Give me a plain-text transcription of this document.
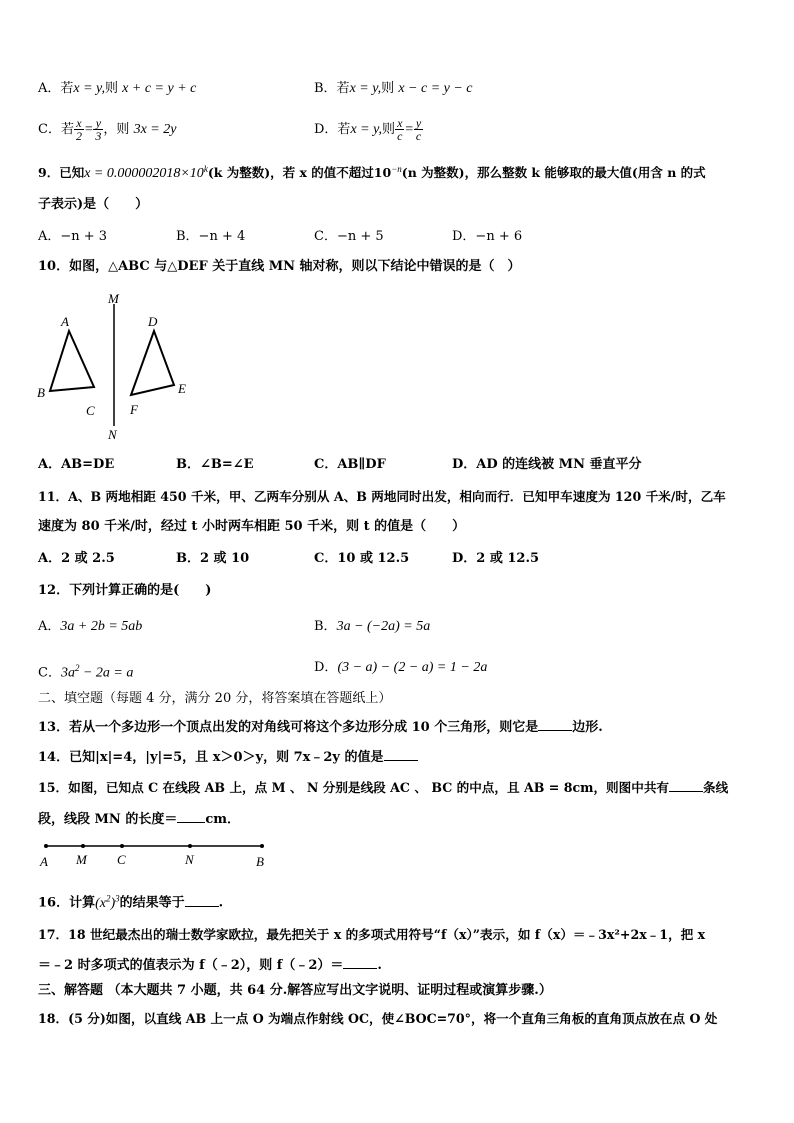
A．若x = y,则 x + c = y + c	B．若x = y,则 x − c = y − c
C．若 $\frac{x}{2} = \frac{y}{3}$ ，则 3x = 2y	D．若x = y,则 $\frac{x}{c} = \frac{y}{c}$
9．已知$x = 0.000002018\times 10^k(k$ 为整数)，若 x 的值不超过$10^{-n}(n$ 为整数)，那么整数 k 能够取的最大值(用含 n 的式
子表示)是（　　）
A．−n + 3	B．−n + 4	C．−n + 5	D．−n + 6
10．如图，△ABC 与△DEF 关于直线 MN 轴对称，则以下结论中错误的是（　）
M
N
A
B
C
D
E
F
A．AB=DE	B．∠B=∠E	C．AB∥DF	D．AD 的连线被 MN 垂直平分
11．A、B 两地相距 450 千米，甲、乙两车分别从 A、B 两地同时出发，相向而行．已知甲车速度为 120 千米/时，乙车
速度为 80 千米/时，经过 t 小时两车相距 50 千米，则 t 的值是（　　）
A．2 或 2.5	B．2 或 10	C．10 或 12.5	D．2 或 12.5
12．下列计算正确的是(　　)
A．3a + 2b = 5ab	B．3a − (−2a) = 5a
C．$3a^2 - 2a = a$	D．(3 − a) − (2 − a) = 1 − 2a
二、填空题（每题 4 分，满分 20 分，将答案填在答题纸上）
13．若从一个多边形一个顶点出发的对角线可将这个多边形分成 10 个三角形，则它是	边形.
14．已知|x|=4，|y|=5，且 x＞0＞y，则 7x﹣2y 的值是
15．如图，已知点 C 在线段 AB 上，点 M 、 N 分别是线段 AC 、 BC 的中点，且 AB = 8cm，则图中共有	条线
段，线段 MN 的长度＝ cm．
A M C	N	B
16．计算$(x^2)^3$的结果等于	.
17．18 世纪最杰出的瑞士数学家欧拉，最先把关于 x 的多项式用符号“f（x）”表示，如 f（x）＝﹣3x²+2x﹣1，把 x
＝﹣2 时多项式的值表示为 f（﹣2），则 f（﹣2）＝	.
三、解答题 （本大题共 7 小题，共 64 分.解答应写出文字说明、证明过程或演算步骤.）
18．(5 分)如图，以直线 AB 上一点 O 为端点作射线 OC，使∠BOC=70°，将一个直角三角板的直角顶点放在点 O 处
